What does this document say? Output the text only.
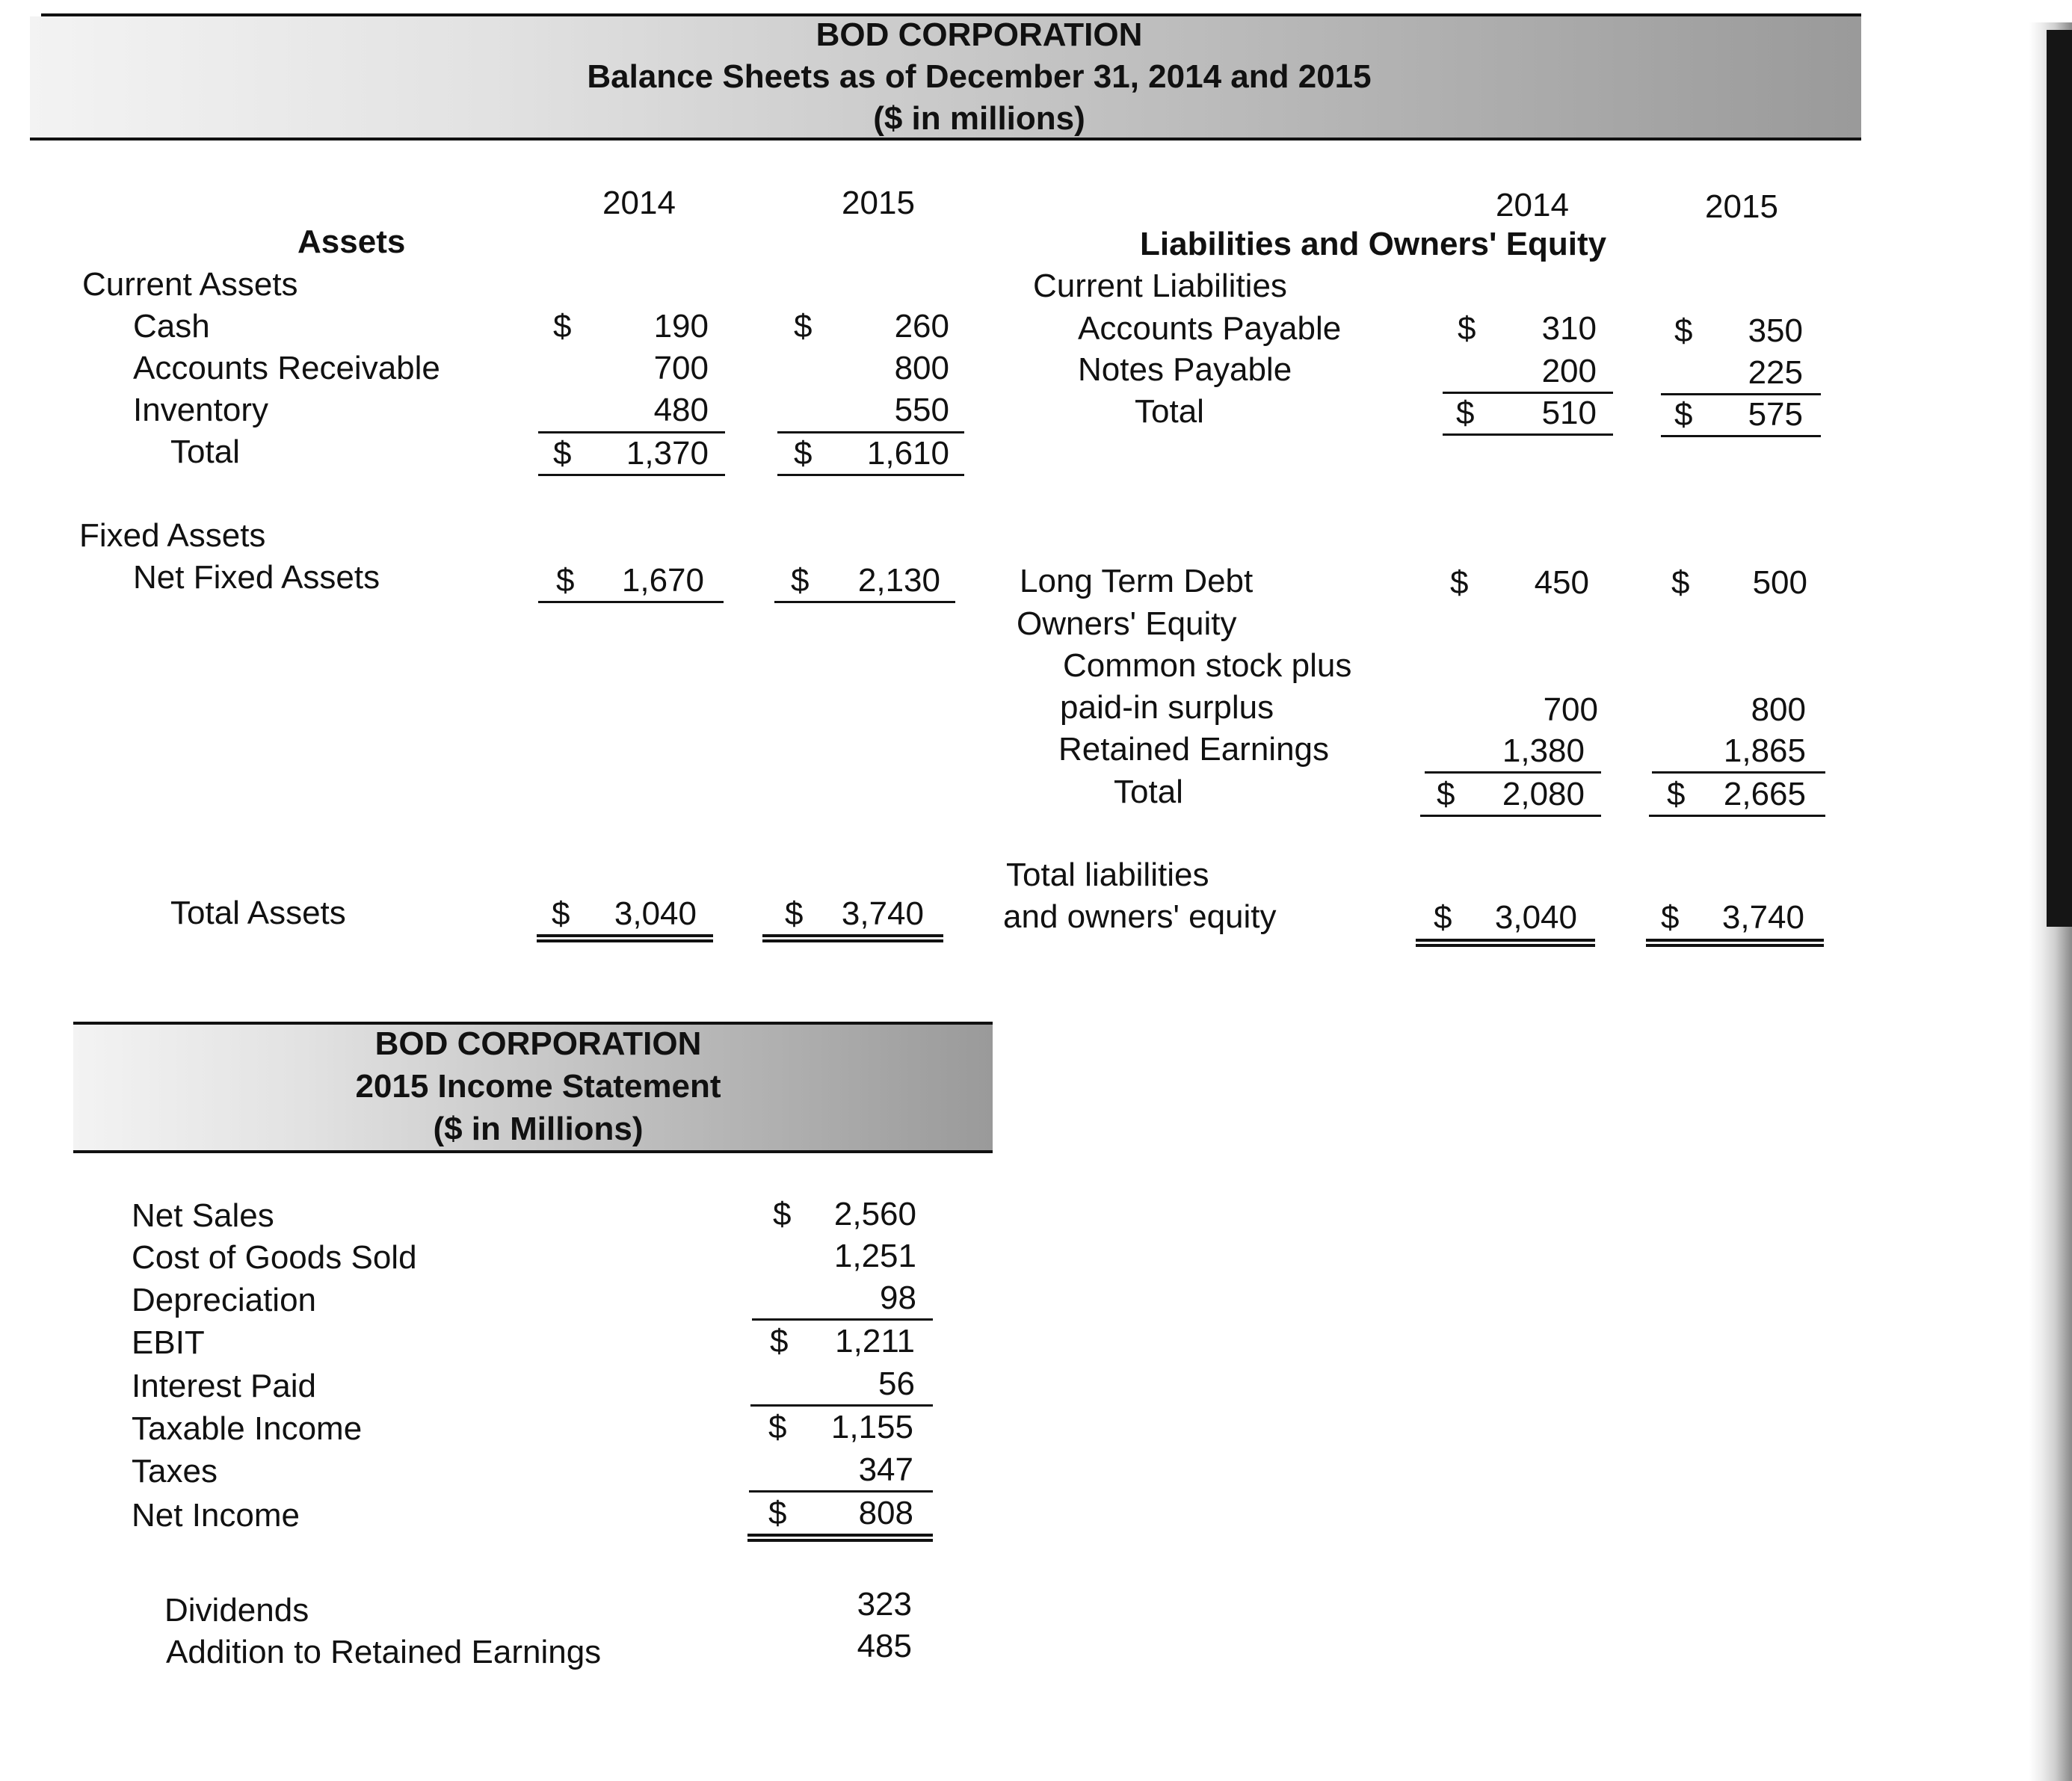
BOD CORPORATION
Balance Sheets as of December 31, 2014 and 2015
($ in millions)
2014	2015	2014	2015
Assets
Current Assets
Cash	$	190	$	260
Accounts Receivable	700	800
Inventory	480	550
Total	$	1,370	$	1,610
Fixed Assets
Net Fixed Assets	$	1,670	$	2,130
Total Assets	$	3,040	$	3,740
Liabilities and Owners' Equity
Current Liabilities
Accounts Payable	$	310 $	350
Notes Payable	200	225
Total	$	510 $	575
Long Term Debt	$	450	$	500
Owners' Equity
Common stock plus
paid-in surplus	700	800
Retained Earnings	1,380	1,865
Total	$	2,080	$	2,665
Total liabilities
and owners' equity	$	3,040	$	3,740
BOD CORPORATION
2015 Income Statement
($ in Millions)
Net Sales	$	2,560
Cost of Goods Sold	1,251
Depreciation	98
EBIT	$	1,211
Interest Paid	56
Taxable Income	$	1,155
Taxes	347
Net Income	$	808
Dividends	323
Addition to Retained Earnings	485
